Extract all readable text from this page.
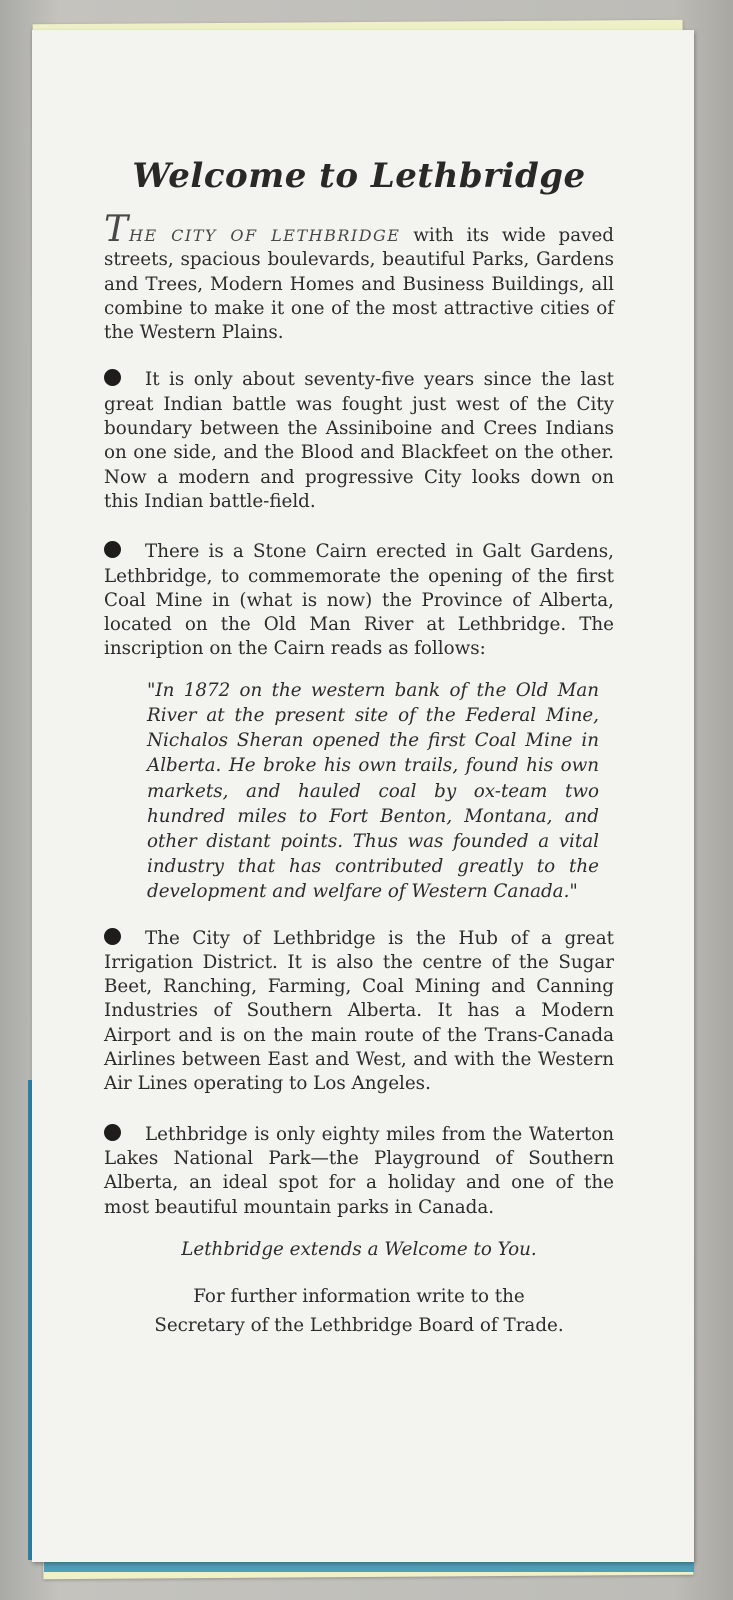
Welcome to Lethbridge

THE CITY OF LETHBRIDGE with its wide paved streets, spacious boulevards, beautiful Parks, Gardens and Trees, Modern Homes and Business Buildings, all combine to make it one of the most attractive cities of the Western Plains.

It is only about seventy-five years since the last great Indian battle was fought just west of the City boundary between the Assiniboine and Crees Indians on one side, and the Blood and Blackfeet on the other. Now a modern and progressive City looks down on this Indian battle-field.

There is a Stone Cairn erected in Galt Gardens, Lethbridge, to commemorate the opening of the first Coal Mine in (what is now) the Province of Alberta, located on the Old Man River at Lethbridge. The inscription on the Cairn reads as follows:

"In 1872 on the western bank of the Old Man River at the present site of the Federal Mine, Nichalos Sheran opened the first Coal Mine in Alberta. He broke his own trails, found his own markets, and hauled coal by ox-team two hundred miles to Fort Benton, Montana, and other distant points. Thus was founded a vital industry that has contributed greatly to the development and welfare of Western Canada."

The City of Lethbridge is the Hub of a great Irrigation District. It is also the centre of the Sugar Beet, Ranching, Farming, Coal Mining and Canning Industries of Southern Alberta. It has a Modern Airport and is on the main route of the Trans-Canada Airlines between East and West, and with the Western Air Lines operating to Los Angeles.

Lethbridge is only eighty miles from the Waterton Lakes National Park—the Playground of Southern Alberta, an ideal spot for a holiday and one of the most beautiful mountain parks in Canada.

Lethbridge extends a Welcome to You.

For further information write to the
Secretary of the Lethbridge Board of Trade.
